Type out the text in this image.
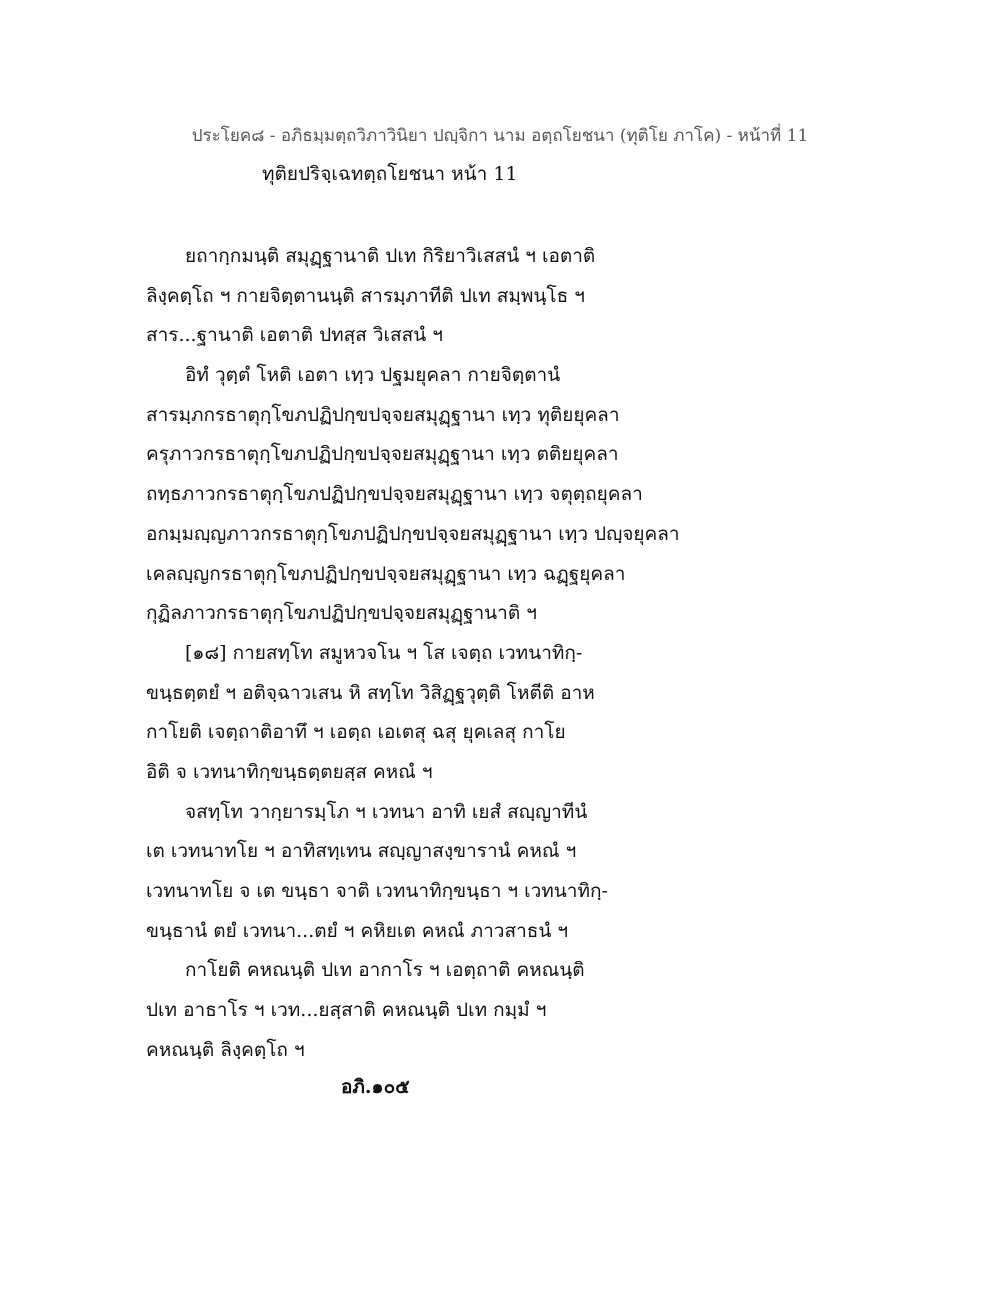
ประโยค๘ - อภิธมฺมตฺถวิภาวินิยา ปญฺจิกา นาม อตฺถโยชนา (ทุติโย ภาโค) - หน้าที่ 11
ทุติยปริจฺเฉทตฺถโยชนา หน้า 11
ยถากฺกมนฺติ สมุฏฺฐานาติ ปเท กิริยาวิเสสนํ ฯ เอตาติ
ลิงฺคตฺโถ ฯ กายจิตฺตานนฺติ สารมฺภาทีติ ปเท สมฺพนฺโธ ฯ
สาร...ฐานาติ เอตาติ ปทสฺส วิเสสนํ ฯ
อิทํ วุตฺตํ โหติ เอตา เทฺว ปฐมยุคลา กายจิตฺตานํ
สารมฺภกรธาตุกฺโขภปฏิปกฺขปจฺจยสมุฏฺฐานา เทฺว ทุติยยุคลา
ครุภาวกรธาตุกฺโขภปฏิปกฺขปจฺจยสมุฏฺฐานา เทฺว ตติยยุคลา
ถทฺธภาวกรธาตุกฺโขภปฏิปกฺขปจฺจยสมุฏฺฐานา เทฺว จตุตฺถยุคลา
อกมฺมญฺญภาวกรธาตุกฺโขภปฏิปกฺขปจฺจยสมุฏฺฐานา เทฺว ปญฺจยุคลา
เคลญฺญกรธาตุกฺโขภปฏิปกฺขปจฺจยสมุฏฺฐานา เทฺว ฉฏฺฐยุคลา
กุฏิลภาวกรธาตุกฺโขภปฏิปกฺขปจฺจยสมุฏฺฐานาติ ฯ
[๑๘] กายสทฺโท สมูหวจโน ฯ โส เจตฺถ เวทนาทิกฺ-
ขนฺธตฺตยํ ฯ อติจฺฉาวเสน หิ สทฺโท วิสิฏฺฐวุตฺติ โหตีติ อาห
กาโยติ เจตฺถาติอาทึ ฯ เอตฺถ เอเตสุ ฉสุ ยุคเลสุ กาโย
อิติ จ เวทนาทิกฺขนฺธตฺตยสฺส คหณํ ฯ
จสทฺโท วากฺยารมฺโภ ฯ เวทนา อาทิ เยสํ สญฺญาทีนํ
เต เวทนาทโย ฯ อาทิสทฺเทน สญฺญาสงฺขารานํ คหณํ ฯ
เวทนาทโย จ เต ขนฺธา จาติ เวทนาทิกฺขนฺธา ฯ เวทนาทิกฺ-
ขนฺธานํ ตยํ เวทนา...ตยํ ฯ คหิยเต คหณํ ภาวสาธนํ ฯ
กาโยติ คหณนฺติ ปเท อากาโร ฯ เอตฺถาติ คหณนฺติ
ปเท อาธาโร ฯ เวท...ยสฺสาติ คหณนฺติ ปเท กมฺมํ ฯ
คหณนฺติ ลิงฺคตฺโถ ฯ
อภิ.๑๐๕
